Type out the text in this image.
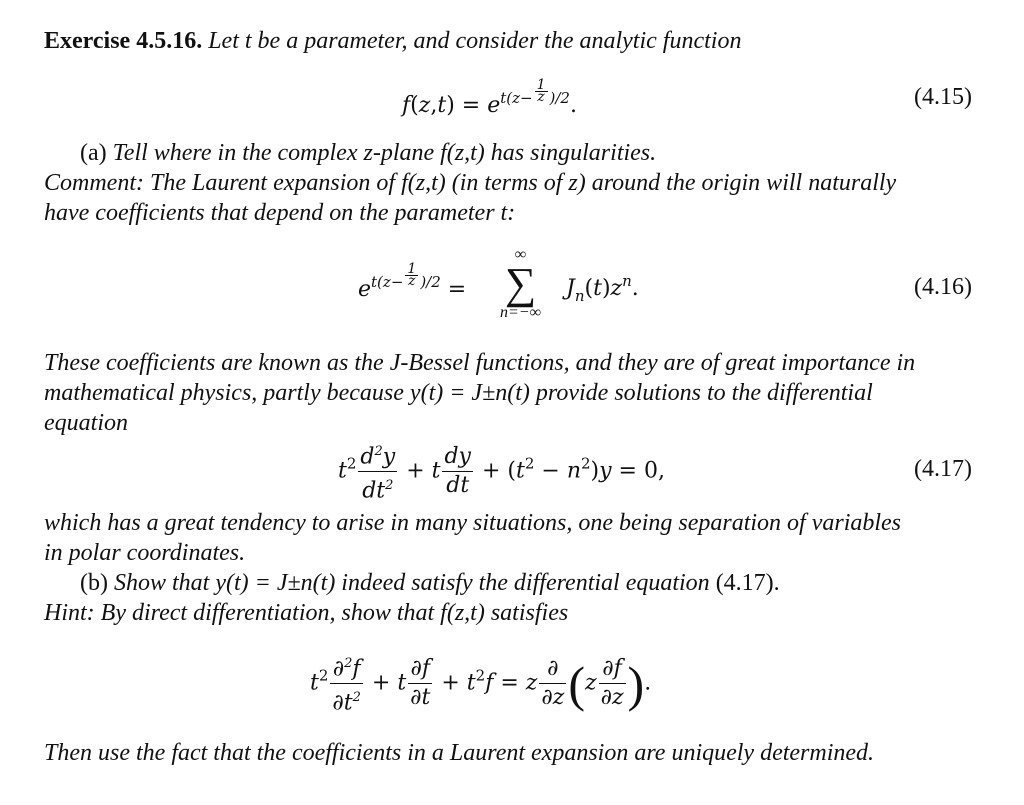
Exercise 4.5.16. Let t be a parameter, and consider the analytic function
$f(z,t) = e^{t(z- \frac{1}{z} )/2}$.	(4.15)
(a) Tell where in the complex z-plane f(z,t) has singularities.
Comment: The Laurent expansion of f(z,t) (in terms of z) around the origin will naturally
have coefficients that depend on the parameter t:
$e^{t(z- \frac{1}{z} )/2}$ =
∞
∑
n=−∞
$J_n(t)z^n$.	(4.16)
These coefficients are known as the J-Bessel functions, and they are of great importance in
mathematical physics, partly because y(t) = J±n(t) provide solutions to the differential
equation
$t^2 \frac{d^2y}{dt^2} + t \frac{dy}{dt} + (t^2 - n^2)y = 0$,	(4.17)
which has a great tendency to arise in many situations, one being separation of variables
in polar coordinates.
(b) Show that y(t) = J±n(t) indeed satisfy the differential equation (4.17).
Hint: By direct differentiation, show that f(z,t) satisfies
$t^2 \frac{\partial^2f}{\partial t^2} + t \frac{\partial f}{\partial t} + t^2f = z \frac{\partial}{\partial z} (z \frac{\partial f}{\partial z}$ ).
Then use the fact that the coefficients in a Laurent expansion are uniquely determined.
